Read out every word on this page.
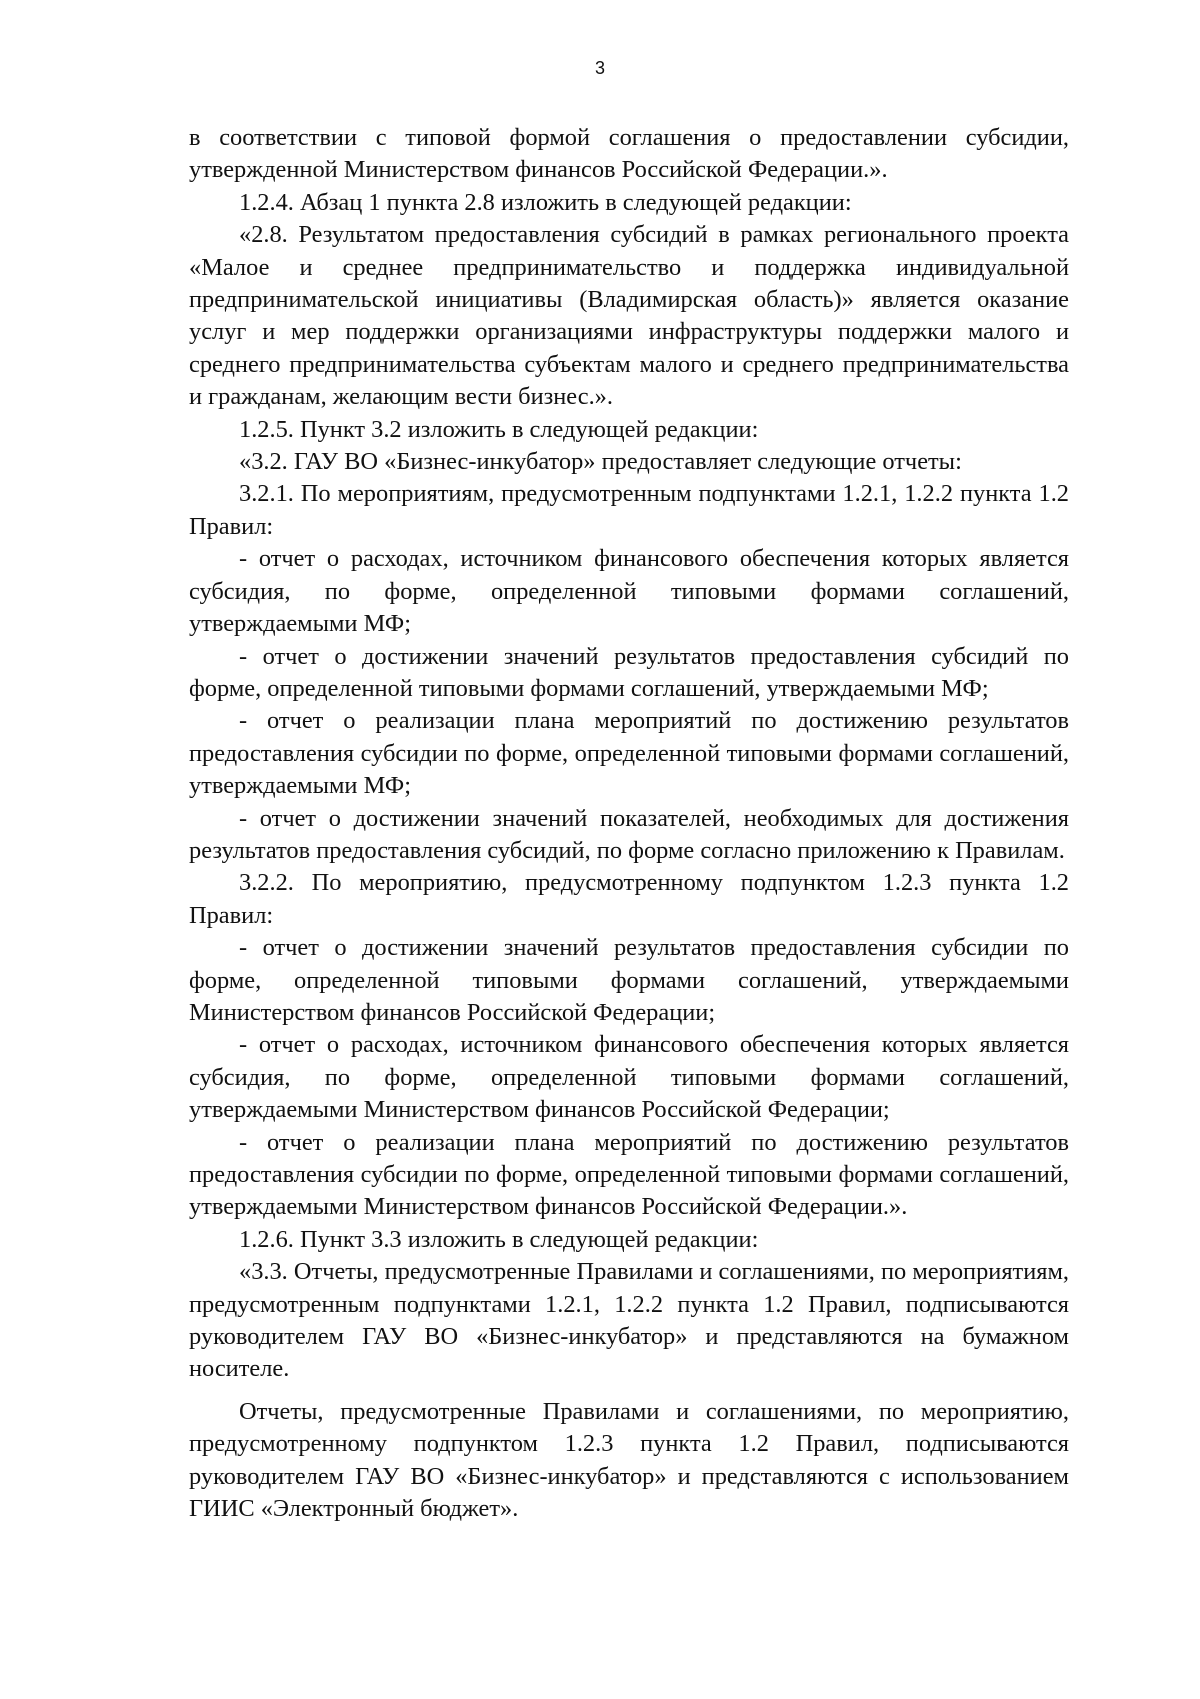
3

в соответствии с типовой формой соглашения о предоставлении субсидии, утвержденной Министерством финансов Российской Федерации.».

1.2.4. Абзац 1 пункта 2.8 изложить в следующей редакции:

«2.8. Результатом предоставления субсидий в рамках регионального проекта «Малое и среднее предпринимательство и поддержка индивидуальной предпринимательской инициативы (Владимирская область)» является оказание услуг и мер поддержки организациями инфраструктуры поддержки малого и среднего предпринимательства субъектам малого и среднего предпринимательства и гражданам, желающим вести бизнес.».

1.2.5. Пункт 3.2 изложить в следующей редакции:

«3.2. ГАУ ВО «Бизнес-инкубатор» предоставляет следующие отчеты:

3.2.1. По мероприятиям, предусмотренным подпунктами 1.2.1, 1.2.2 пункта 1.2 Правил:

- отчет о расходах, источником финансового обеспечения которых является субсидия, по форме, определенной типовыми формами соглашений, утверждаемыми МФ;

- отчет о достижении значений результатов предоставления субсидий по форме, определенной типовыми формами соглашений, утверждаемыми МФ;

- отчет о реализации плана мероприятий по достижению результатов предоставления субсидии по форме, определенной типовыми формами соглашений, утверждаемыми МФ;

- отчет о достижении значений показателей, необходимых для достижения результатов предоставления субсидий, по форме согласно приложению к Правилам.

3.2.2. По мероприятию, предусмотренному подпунктом 1.2.3 пункта 1.2 Правил:

- отчет о достижении значений результатов предоставления субсидии по форме, определенной типовыми формами соглашений, утверждаемыми Министерством финансов Российской Федерации;

- отчет о расходах, источником финансового обеспечения которых является субсидия, по форме, определенной типовыми формами соглашений, утверждаемыми Министерством финансов Российской Федерации;

- отчет о реализации плана мероприятий по достижению результатов предоставления субсидии по форме, определенной типовыми формами соглашений, утверждаемыми Министерством финансов Российской Федерации.».

1.2.6. Пункт 3.3 изложить в следующей редакции:

«3.3. Отчеты, предусмотренные Правилами и соглашениями, по мероприятиям, предусмотренным подпунктами 1.2.1, 1.2.2 пункта 1.2 Правил, подписываются руководителем ГАУ ВО «Бизнес-инкубатор» и представляются на бумажном носителе.

Отчеты, предусмотренные Правилами и соглашениями, по мероприятию, предусмотренному подпунктом 1.2.3 пункта 1.2 Правил, подписываются руководителем ГАУ ВО «Бизнес-инкубатор» и представляются с использованием ГИИС «Электронный бюджет».
